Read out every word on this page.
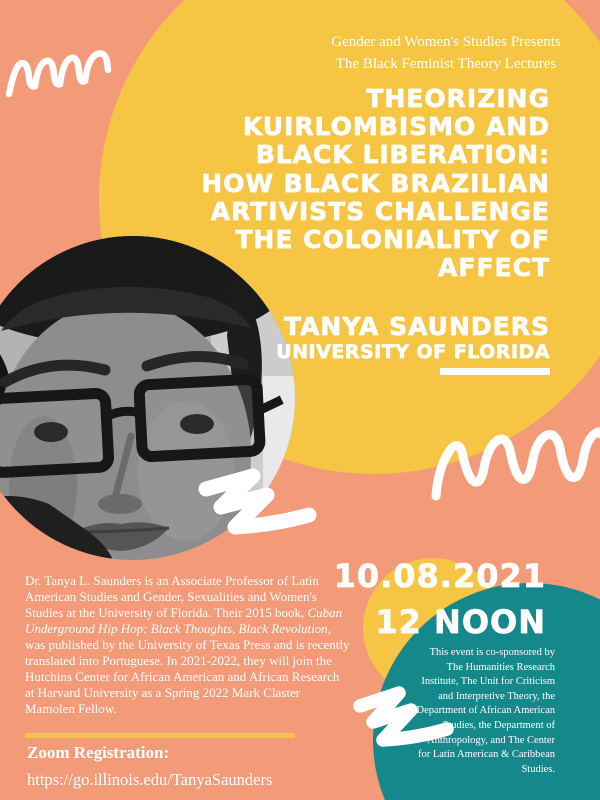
Gender and Women's Studies Presents
The Black Feminist Theory Lectures
THEORIZING
KUIRLOMBISMO AND
BLACK LIBERATION:
HOW BLACK BRAZILIAN
ARTIVISTS CHALLENGE
THE COLONIALITY OF
AFFECT
TANYA SAUNDERS
UNIVERSITY OF FLORIDA
10.08.2021
12 NOON

Dr. Tanya L. Saunders is an Associate Professor of Latin American Studies and Gender, Sexualities and Women's Studies at the University of Florida. Their 2015 book, Cuban Underground Hip Hop: Black Thoughts, Black Revolution, was published by the University of Texas Press and is recently translated into Portuguese. In 2021-2022, they will join the Hutchins Center for African American and African Research at Harvard University as a Spring 2022 Mark Claster Mamolen Fellow.

This event is co-sponsored by The Humanities Research Institute, The Unit for Criticism and Interpretive Theory, the Department of African American Studies, the Department of Anthropology, and The Center for Latin American & Caribbean Studies.
Zoom Registration:
https://go.illinois.edu/TanyaSaunders
